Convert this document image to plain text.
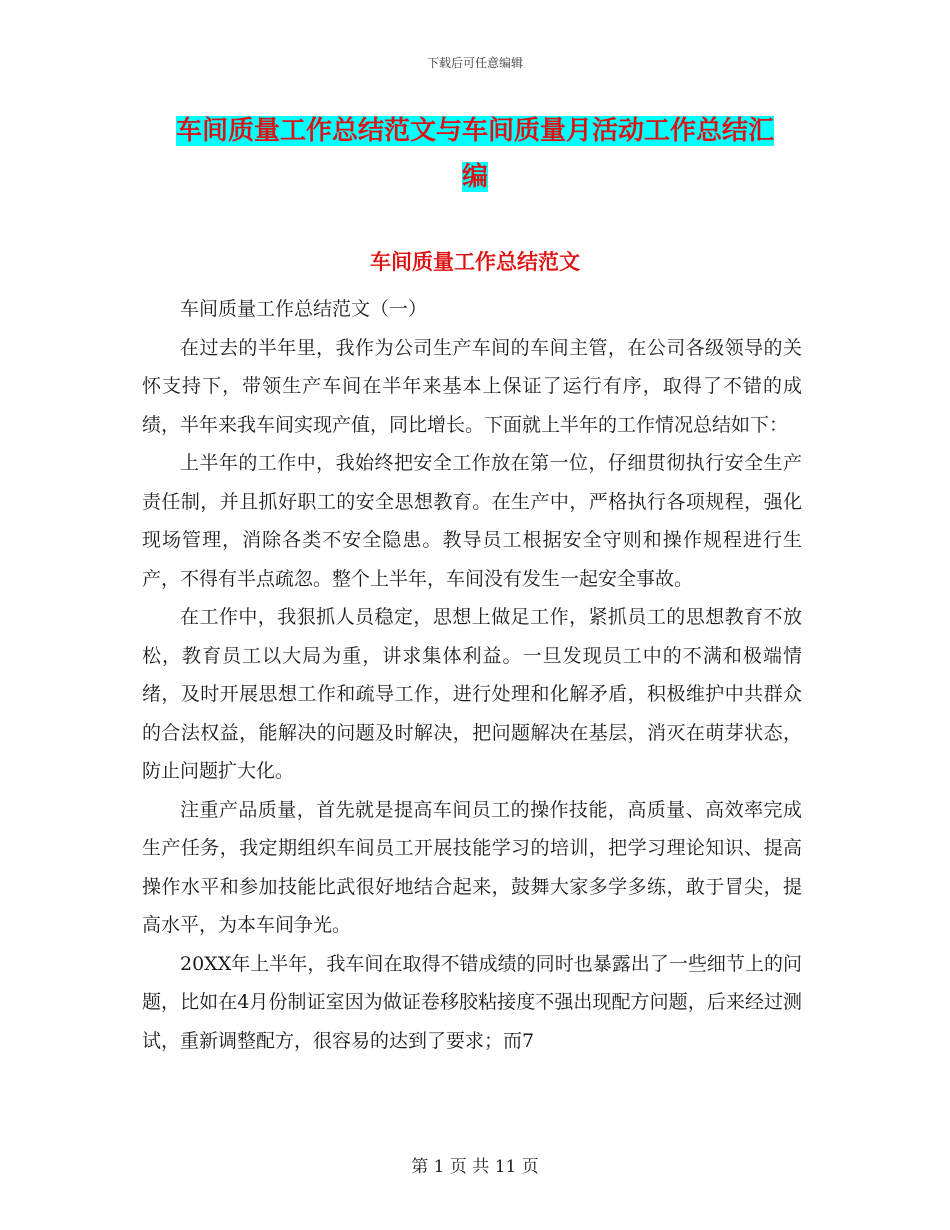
下载后可任意编辑
车间质量工作总结范文与车间质量月活动工作总结汇
编
车间质量工作总结范文

车间质量工作总结范文（一）

在过去的半年里，我作为公司生产车间的车间主管，在公司各级领导的关怀支持下，带领生产车间在半年来基本上保证了运行有序，取得了不错的成绩，半年来我车间实现产值，同比增长。下面就上半年的工作情况总结如下：

上半年的工作中，我始终把安全工作放在第一位，仔细贯彻执行安全生产责任制，并且抓好职工的安全思想教育。在生产中，严格执行各项规程，强化现场管理，消除各类不安全隐患。教导员工根据安全守则和操作规程进行生产，不得有半点疏忽。整个上半年，车间没有发生一起安全事故。

在工作中，我狠抓人员稳定，思想上做足工作，紧抓员工的思想教育不放松，教育员工以大局为重，讲求集体利益。一旦发现员工中的不满和极端情绪，及时开展思想工作和疏导工作，进行处理和化解矛盾，积极维护中共群众的合法权益，能解决的问题及时解决，把问题解决在基层，消灭在萌芽状态，防止问题扩大化。

注重产品质量，首先就是提高车间员工的操作技能，高质量、高效率完成生产任务，我定期组织车间员工开展技能学习的培训，把学习理论知识、提高操作水平和参加技能比武很好地结合起来，鼓舞大家多学多练，敢于冒尖，提高水平，为本车间争光。

20XX年上半年，我车间在取得不错成绩的同时也暴露出了一些细节上的问题，比如在4月份制证室因为做证卷移胶粘接度不强出现配方问题，后来经过测试，重新调整配方，很容易的达到了要求；而7

第 1 页 共 11 页
